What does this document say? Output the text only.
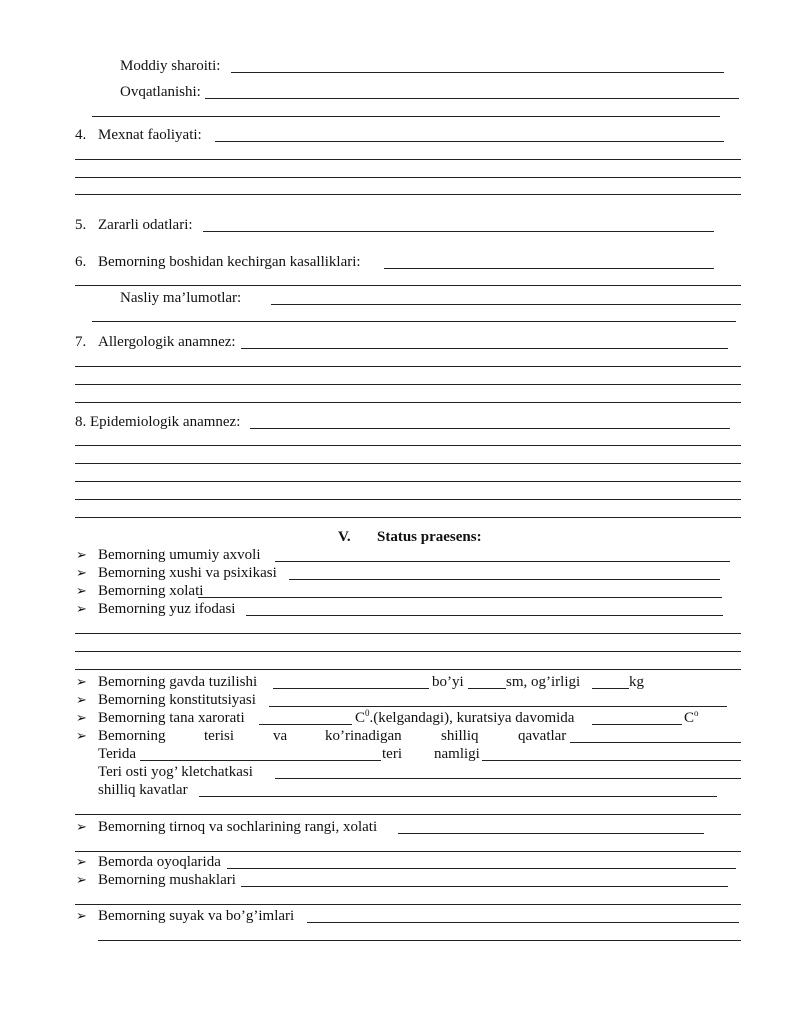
Moddiy sharoiti:
Ovqatlanishi:
4. Mexnat faoliyati:
5. Zararli odatlari:
6. Bemorning boshidan kechirgan kasalliklari:
Nasliy ma’lumotlar:
7. Allergologik anamnez:
8. Epidemiologik anamnez:
V. Status praesens:
➢ Bemorning umumiy axvoli
➢ Bemorning xushi va psixikasi
➢ Bemorning xolati
➢ Bemorning yuz ifodasi
➢ Bemorning gavda tuzilishi	bo’yi	sm, og’irligi	kg
➢ Bemorning konstitutsiyasi
➢ Bemorning tana xarorati	$C^0.(kelgandagi)$, kuratsiya davomida	$C^o$
➢ Bemorning	terisi	va	ko’rinadigan	shilliq	qavatlar
Terida	teri namligi
Teri osti yog’ kletchatkasi
shilliq kavatlar
➢ Bemorning tirnoq va sochlarining rangi, xolati
➢ Bemorda oyoqlarida
➢ Bemorning mushaklari
➢ Bemorning suyak va bo’g’imlari
